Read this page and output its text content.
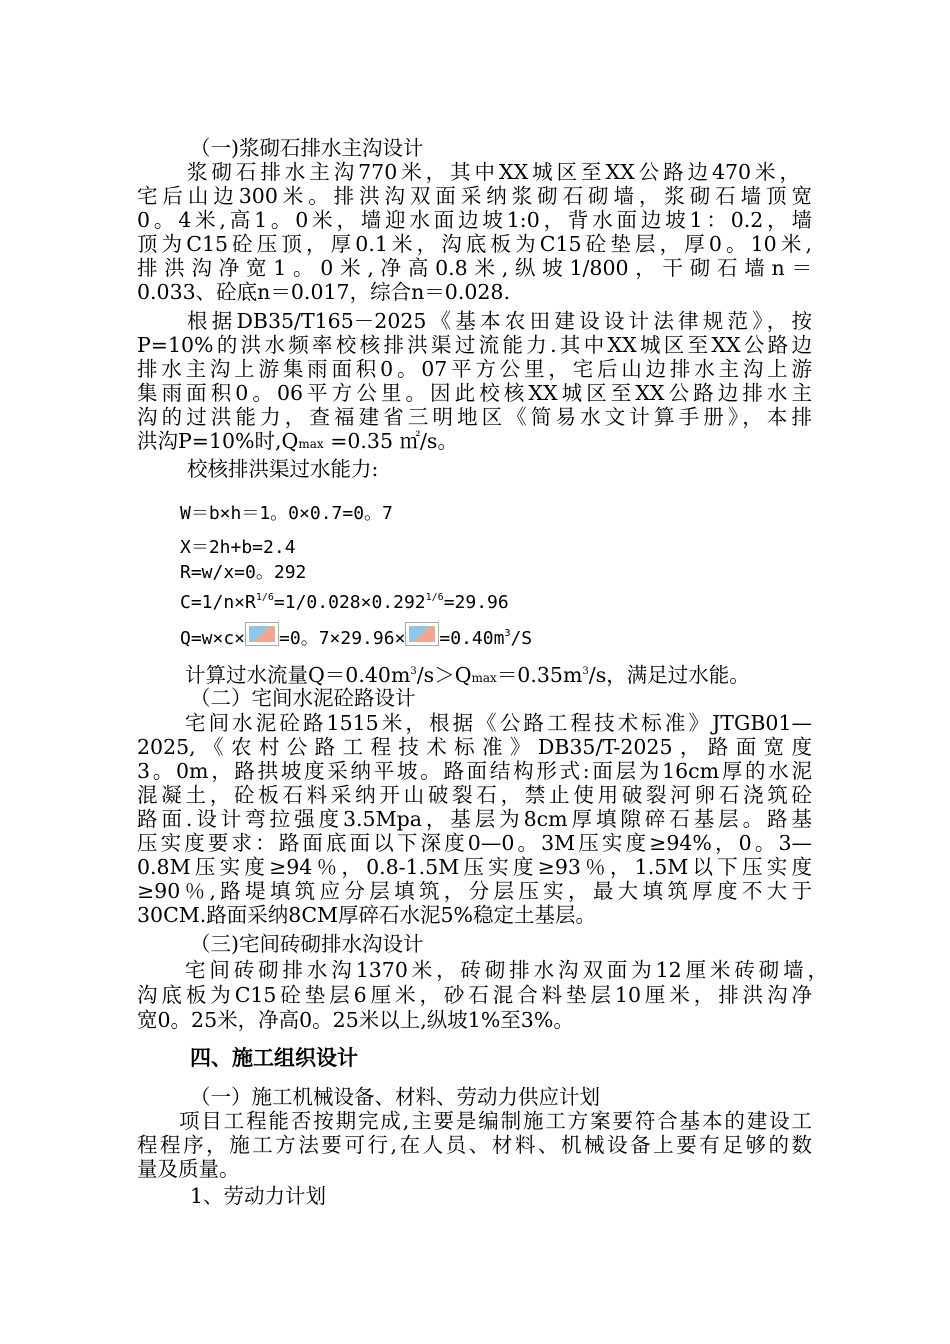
（一)浆砌石排水主沟设计
浆砌石排水主沟770米，其中XX城区至XX公路边470米，
宅后山边300米。排洪沟双面采纳浆砌石砌墙，浆砌石墙顶宽
0。4米,高1。0米，墙迎水面边坡1:0，背水面边坡1：0.2，墙
顶为C15砼压顶，厚0.1米，沟底板为C15砼垫层，厚0。10米,
排洪沟净宽1。0米,净高0.8米,纵坡1/800，干砌石墙n＝
0.033、砼底n＝0.017，综合n＝0.028.
根据DB35/T165－2025《基本农田建设设计法律规范》，按
P=10%的洪水频率校核排洪渠过流能力.其中XX城区至XX公路边
排水主沟上游集雨面积0。07平方公里，宅后山边排水主沟上游
集雨面积0。06平方公里。因此校核XX城区至XX公路边排水主
沟的过洪能力，查福建省三明地区《简易水文计算手册》，本排
洪沟P=10%时,Qmax =0.35 ㎡/s。
校核排洪渠过水能力:
W＝b×h＝1。0×0.7=0。7
X＝2h+b=2.4
R=w/x=0。292
$C=1/n\times R^{1/6}=1/0.028\times 0.292^{1/6}=29.96$
Q=w×c× =0。$7\times 29.96\times =0.40m^3/S$
计算过水流量$Q=0.40m^3/s>Qmax=0.35m^3/s$，满足过水能。
（二）宅间水泥砼路设计
宅间水泥砼路1515米，根据《公路工程技术标准》JTGB01—
2025,《农村公路工程技术标准》DB35/T-2025，路面宽度
3。0m，路拱坡度采纳平坡。路面结构形式:面层为16cm厚的水泥
混凝土，砼板石料采纳开山破裂石，禁止使用破裂河卵石浇筑砼
路面.设计弯拉强度3.5Mpa，基层为8cm厚填隙碎石基层。路基
压实度要求：路面底面以下深度0—0。3M压实度≥94%，0。3—
0.8M压实度≥94％，0.8-1.5M压实度≥93％，1.5M以下压实度
≥90％,路堤填筑应分层填筑，分层压实，最大填筑厚度不大于
30CM.路面采纳8CM厚碎石水泥5%稳定土基层。
（三)宅间砖砌排水沟设计
宅间砖砌排水沟1370米，砖砌排水沟双面为12厘米砖砌墙，
沟底板为C15砼垫层6厘米，砂石混合料垫层10厘米，排洪沟净
宽0。25米，净高0。25米以上,纵坡1%至3%。
四、施工组织设计
（一）施工机械设备、材料、劳动力供应计划
项目工程能否按期完成,主要是编制施工方案要符合基本的建设工
程程序，施工方法要可行,在人员、材料、机械设备上要有足够的数
量及质量。
1、劳动力计划
